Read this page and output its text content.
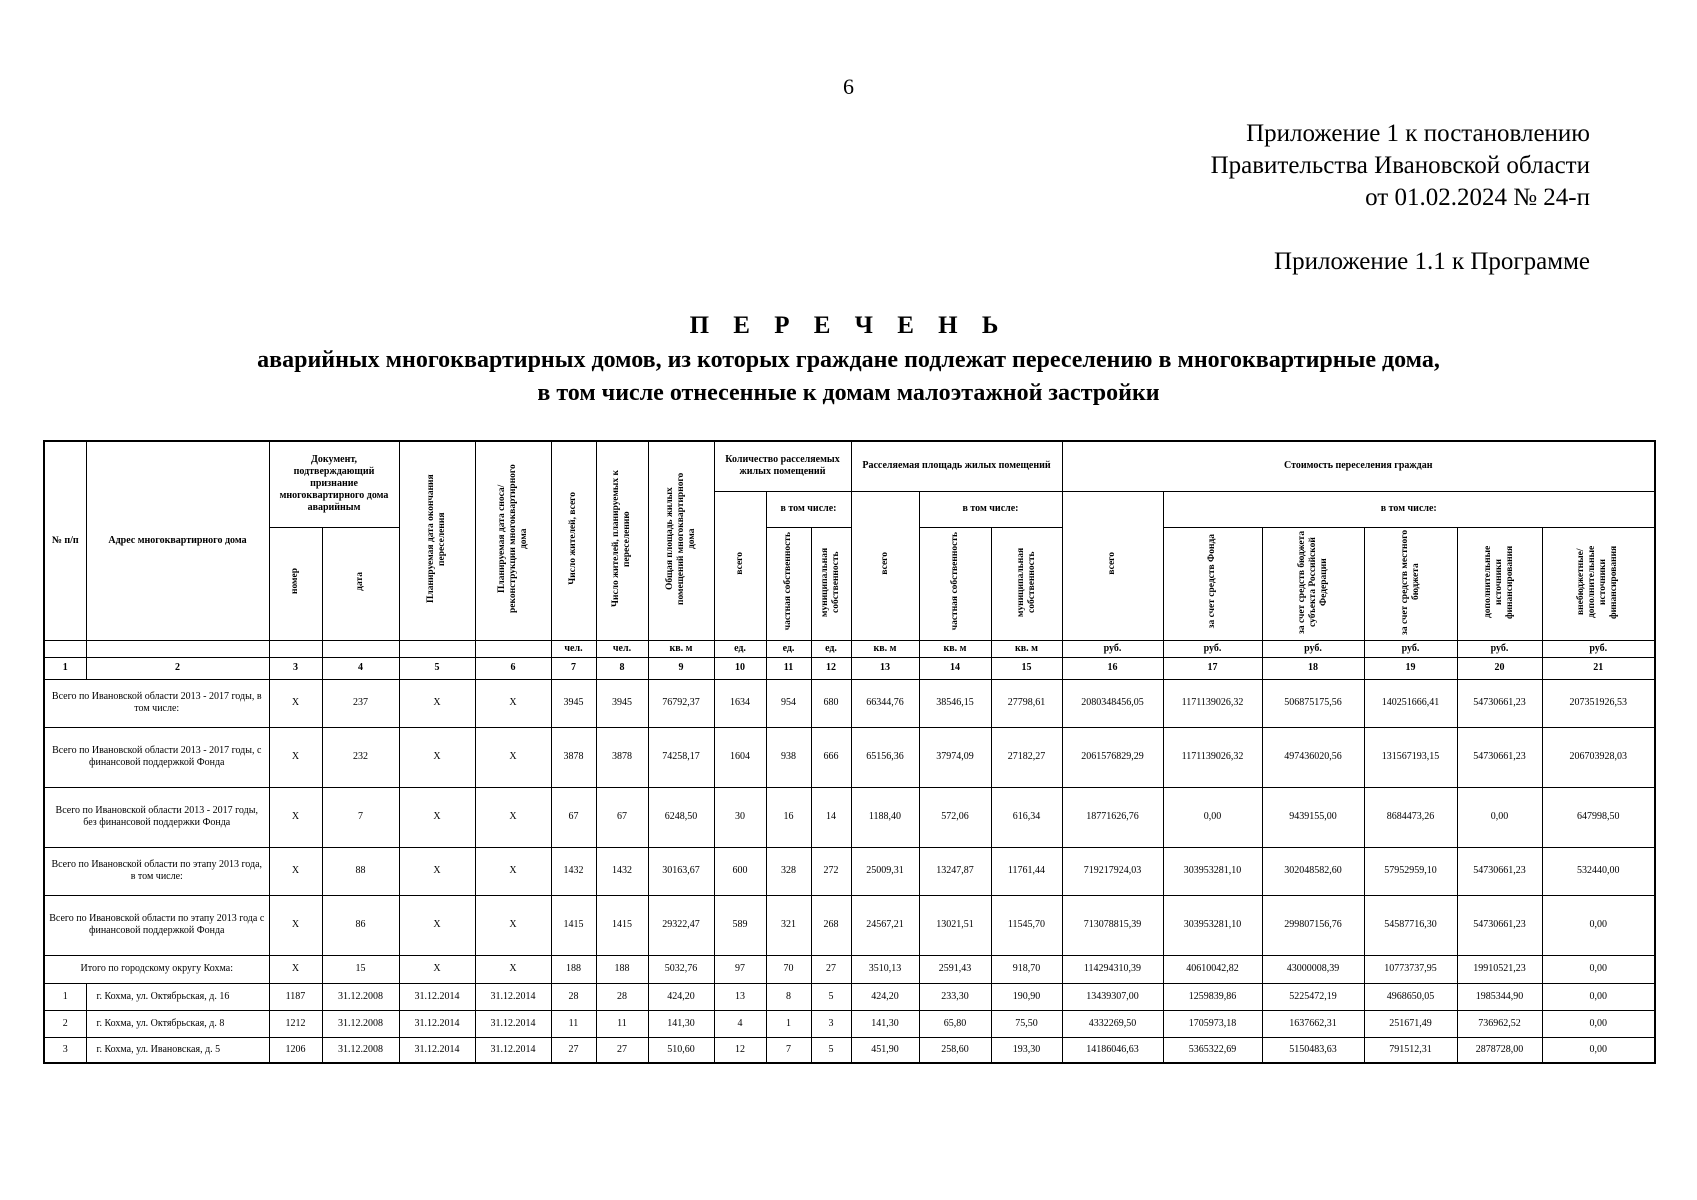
6
Приложение 1 к постановлению
Правительства Ивановской области
от 01.02.2024 № 24-п
Приложение 1.1 к Программе
П Е Р Е Ч Е Н Ь
аварийных многоквартирных домов, из которых граждане подлежат переселению в многоквартирные дома,
в том числе отнесенные к домам малоэтажной застройки
№ п/п	Адрес многоквартирного дома	Документ, подтверждающий признание многоквартирного дома аварийным		Планируемая дата окончания переселения	Планируемая дата сноса/реконструкции многоквартирного дома	Число жителей, всего	Число жителей, планируемых к переселению	Общая площадь жилых помещений многоквартирного дома	Количество расселяемых жилых помещений			Расселяемая площадь жилых помещений			Стоимость переселения граждан					
									всего	в том числе:		всего	в том числе:		всего	в том числе:				
		номер	дата							частная собственность	муниципальная собственность		частная собственность	муниципальная собственность		за счет средств Фонда	за счет средств бюджета субъекта Российской Федерации	за счет средств местного бюджета	дополнительные источники финансирования	внебюджетные/ дополнительные источники финансирования
						чел.	чел.	кв. м	ед.	ед.	ед.	кв. м	кв. м	кв. м	руб.	руб.	руб.	руб.	руб.	руб.
1	2	3	4	5	6	7	8	9	10	11	12	13	14	15	16	17	18	19	20	21
Всего по Ивановской области 2013 - 2017 годы, в том числе:		Х	237	Х	Х	3945	3945	76792,37	1634	954	680	66344,76	38546,15	27798,61	2080348456,05	1171139026,32	506875175,56	140251666,41	54730661,23	207351926,53
Всего по Ивановской области 2013 - 2017 годы, с финансовой поддержкой Фонда		Х	232	Х	Х	3878	3878	74258,17	1604	938	666	65156,36	37974,09	27182,27	2061576829,29	1171139026,32	497436020,56	131567193,15	54730661,23	206703928,03
Всего по Ивановской области 2013 - 2017 годы, без финансовой поддержки Фонда		Х	7	Х	Х	67	67	6248,50	30	16	14	1188,40	572,06	616,34	18771626,76	0,00	9439155,00	8684473,26	0,00	647998,50
Всего по Ивановской области по этапу 2013 года, в том числе:		Х	88	Х	Х	1432	1432	30163,67	600	328	272	25009,31	13247,87	11761,44	719217924,03	303953281,10	302048582,60	57952959,10	54730661,23	532440,00
Всего по Ивановской области по этапу 2013 года с финансовой поддержкой Фонда		Х	86	Х	Х	1415	1415	29322,47	589	321	268	24567,21	13021,51	11545,70	713078815,39	303953281,10	299807156,76	54587716,30	54730661,23	0,00
Итого по городскому округу Кохма:		Х	15	Х	Х	188	188	5032,76	97	70	27	3510,13	2591,43	918,70	114294310,39	40610042,82	43000008,39	10773737,95	19910521,23	0,00
1	г. Кохма, ул. Октябрьская, д. 16	1187	31.12.2008	31.12.2014	31.12.2014	28	28	424,20	13	8	5	424,20	233,30	190,90	13439307,00	1259839,86	5225472,19	4968650,05	1985344,90	0,00
2	г. Кохма, ул. Октябрьская, д. 8	1212	31.12.2008	31.12.2014	31.12.2014	11	11	141,30	4	1	3	141,30	65,80	75,50	4332269,50	1705973,18	1637662,31	251671,49	736962,52	0,00
3	г. Кохма, ул. Ивановская, д. 5	1206	31.12.2008	31.12.2014	31.12.2014	27	27	510,60	12	7	5	451,90	258,60	193,30	14186046,63	5365322,69	5150483,63	791512,31	2878728,00	0,00
